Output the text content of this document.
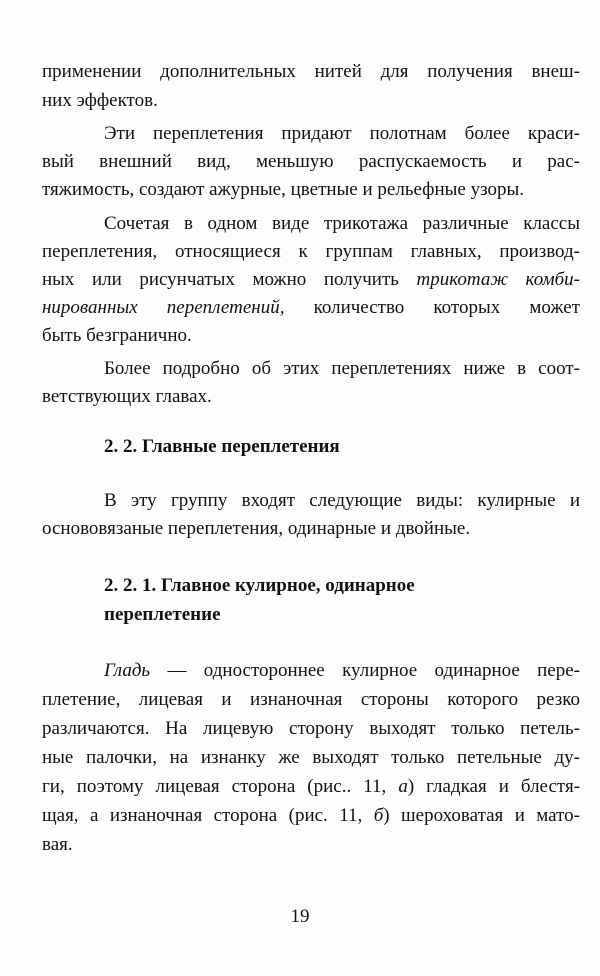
применении дополнительных нитей для получения внеш-
них эффектов.
Эти переплетения придают полотнам более краси-
вый внешний вид, меньшую распускаемость и рас-
тяжимость, создают ажурные, цветные и рельефные узоры.
Сочетая в одном виде трикотажа различные классы
переплетения, относящиеся к группам главных, производ-
ных или рисунчатых можно получить трикотаж комби-
нированных переплетений, количество которых может
быть безгранично.
Более подробно об этих переплетениях ниже в соот-
ветствующих главах.
2. 2. Главные переплетения
В эту группу входят следующие виды: кулирные и
основовязаные переплетения, одинарные и двойные.
2. 2. 1. Главное кулирное, одинарное
переплетение
Гладь — одностороннее кулирное одинарное пере-
плетение, лицевая и изнаночная стороны которого резко
различаются. На лицевую сторону выходят только петель-
ные палочки, на изнанку же выходят только петельные ду-
ги, поэтому лицевая сторона (рис.. 11, а) гладкая и блестя-
щая, а изнаночная сторона (рис. 11, б) шероховатая и мато-
вая.
19
